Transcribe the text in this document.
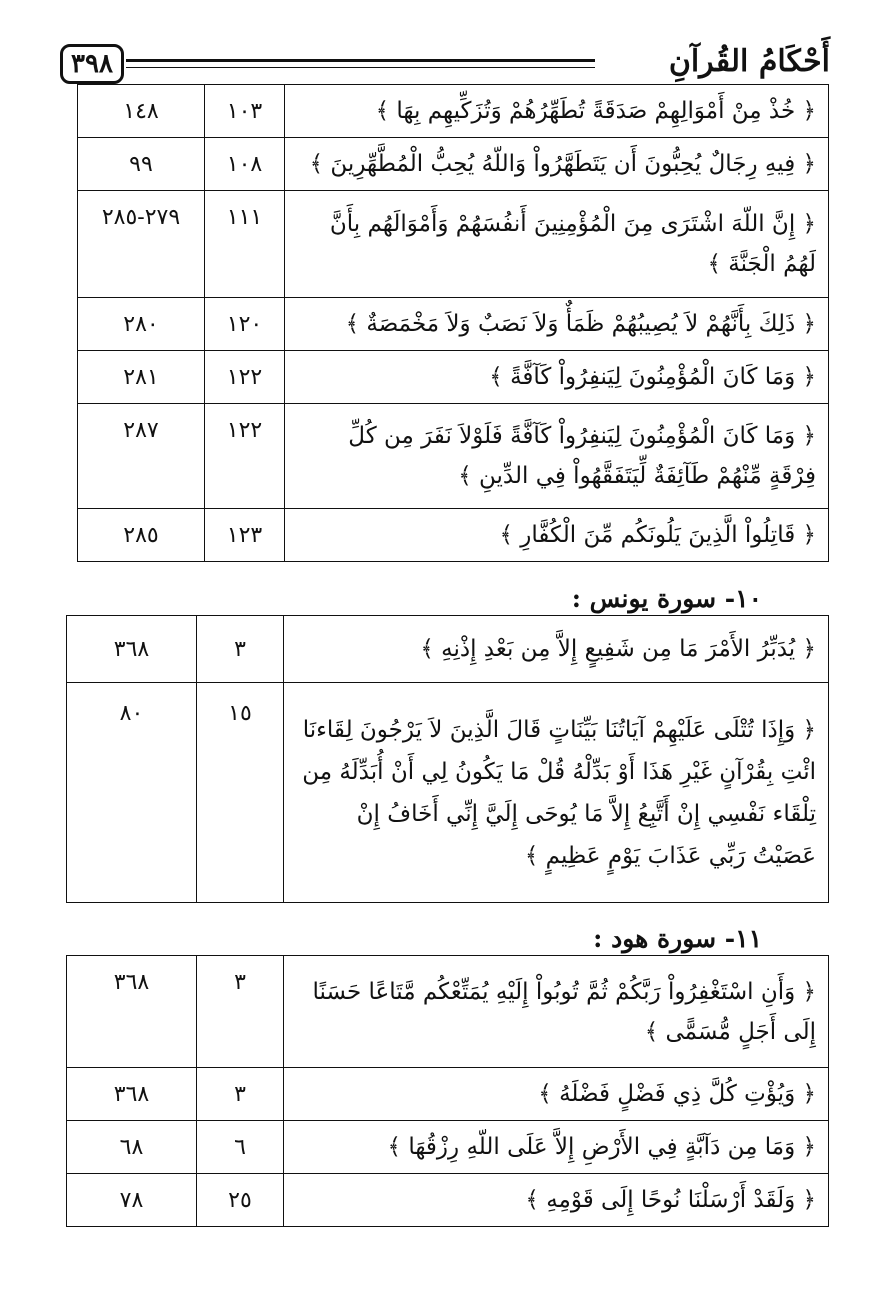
٣٩٨	أَحْكَامُ القُرآنِ
﴿ خُذْ مِنْ أَمْوَالِهِمْ صَدَقَةً تُطَهِّرُهُمْ وَتُزَكِّيهِم بِهَا ﴾	١٠٣	١٤٨
﴿ فِيهِ رِجَالٌ يُحِبُّونَ أَن يَتَطَهَّرُواْ وَاللّهُ يُحِبُّ الْمُطَّهِّرِينَ ﴾	١٠٨	٩٩
﴿ إِنَّ اللّهَ اشْتَرَى مِنَ الْمُؤْمِنِينَ أَنفُسَهُمْ وَأَمْوَالَهُم بِأَنَّ لَهُمُ الْجَنَّةَ ﴾	١١١	٢٧٩-٢٨٥
﴿ ذَلِكَ بِأَنَّهُمْ لاَ يُصِيبُهُمْ ظَمَأٌ وَلاَ نَصَبٌ وَلاَ مَخْمَصَةٌ ﴾	١٢٠	٢٨٠
﴿ وَمَا كَانَ الْمُؤْمِنُونَ لِيَنفِرُواْ كَآفَّةً ﴾	١٢٢	٢٨١
﴿ وَمَا كَانَ الْمُؤْمِنُونَ لِيَنفِرُواْ كَآفَّةً فَلَوْلاَ نَفَرَ مِن كُلِّ فِرْقَةٍ مِّنْهُمْ طَآئِفَةٌ لِّيَتَفَقَّهُواْ فِي الدِّينِ ﴾	١٢٢	٢٨٧
﴿ قَاتِلُواْ الَّذِينَ يَلُونَكُم مِّنَ الْكُفَّارِ ﴾	١٢٣	٢٨٥
١٠- سورة يونس :
﴿ يُدَبِّرُ الأَمْرَ مَا مِن شَفِيعٍ إِلاَّ مِن بَعْدِ إِذْنِهِ ﴾	٣	٣٦٨
﴿ وَإِذَا تُتْلَى عَلَيْهِمْ آيَاتُنَا بَيِّنَاتٍ قَالَ الَّذِينَ لاَ يَرْجُونَ لِقَاءنَا ائْتِ بِقُرْآنٍ غَيْرِ هَذَا أَوْ بَدِّلْهُ قُلْ مَا يَكُونُ لِي أَنْ أُبَدِّلَهُ مِن تِلْقَاء نَفْسِي إِنْ أَتَّبِعُ إِلاَّ مَا يُوحَى إِلَيَّ إِنِّي أَخَافُ إِنْ عَصَيْتُ رَبِّي عَذَابَ يَوْمٍ عَظِيمٍ ﴾	١٥	٨٠
١١- سورة هود :
﴿ وَأَنِ اسْتَغْفِرُواْ رَبَّكُمْ ثُمَّ تُوبُواْ إِلَيْهِ يُمَتِّعْكُم مَّتَاعًا حَسَنًا إِلَى أَجَلٍ مُّسَمًّى ﴾	٣	٣٦٨
﴿ وَيُؤْتِ كُلَّ ذِي فَضْلٍ فَضْلَهُ ﴾	٣	٣٦٨
﴿ وَمَا مِن دَآبَّةٍ فِي الأَرْضِ إِلاَّ عَلَى اللّهِ رِزْقُهَا ﴾	٦	٦٨
﴿ وَلَقَدْ أَرْسَلْنَا نُوحًا إِلَى قَوْمِهِ ﴾	٢٥	٧٨
